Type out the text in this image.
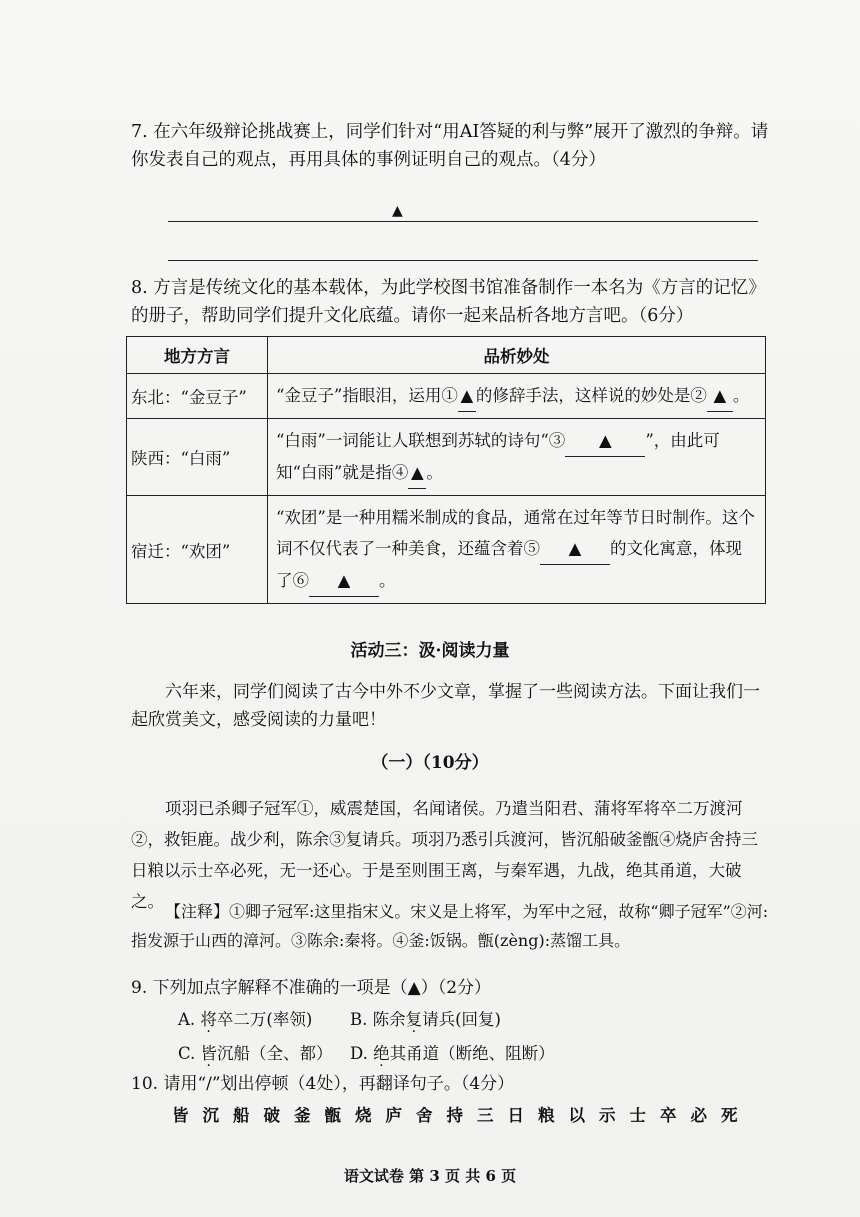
7. 在六年级辩论挑战赛上，同学们针对“用AI答疑的利与弊”展开了激烈的争辩。请你发表自己的观点，再用具体的事例证明自己的观点。（4分）
▲
8. 方言是传统文化的基本载体，为此学校图书馆准备制作一本名为《方言的记忆》的册子，帮助同学们提升文化底蕴。请你一起来品析各地方言吧。（6分）
地方方言	品析妙处
东北：“金豆子”	“金豆子”指眼泪，运用① ▲ 的修辞手法，这样说的妙处是② ▲ 。
陕西：“白雨”	“白雨”一词能让人联想到苏轼的诗句“③ ▲ ”，由此可知“白雨”就是指④ ▲ 。
宿迁：“欢团”	“欢团”是一种用糯米制成的食品，通常在过年等节日时制作。这个词不仅代表了一种美食，还蕴含着⑤ ▲ 的文化寓意，体现了⑥ ▲ 。
活动三：汲·阅读力量
六年来，同学们阅读了古今中外不少文章，掌握了一些阅读方法。下面让我们一起欣赏美文，感受阅读的力量吧！
（一）（10分）
项羽已杀卿子冠军①，威震楚国，名闻诸侯。乃遣当阳君、蒲将军将卒二万渡河②，救钜鹿。战少利，陈余③复请兵。项羽乃悉引兵渡河，皆沉船破釜甑④烧庐舍持三日粮以示士卒必死，无一还心。于是至则围王离，与秦军遇，九战，绝其甬道，大破之。
【注释】①卿子冠军:这里指宋义。宋义是上将军，为军中之冠，故称“卿子冠军”②河:指发源于山西的漳河。③陈余:秦将。④釜:饭锅。甑(zèng):蒸馏工具。
9. 下列加点字解释不准确的一项是（▲）（2分）
A. 将卒二万(率领) B. 陈余复请兵(回复)
C. 皆沉船（全、都） D. 绝其甬道（断绝、阻断）
10. 请用“/”划出停顿（4处），再翻译句子。（4分）
皆沉船破釜甑烧庐舍持三日粮以示士卒必死
语文试卷 第 3 页 共 6 页
